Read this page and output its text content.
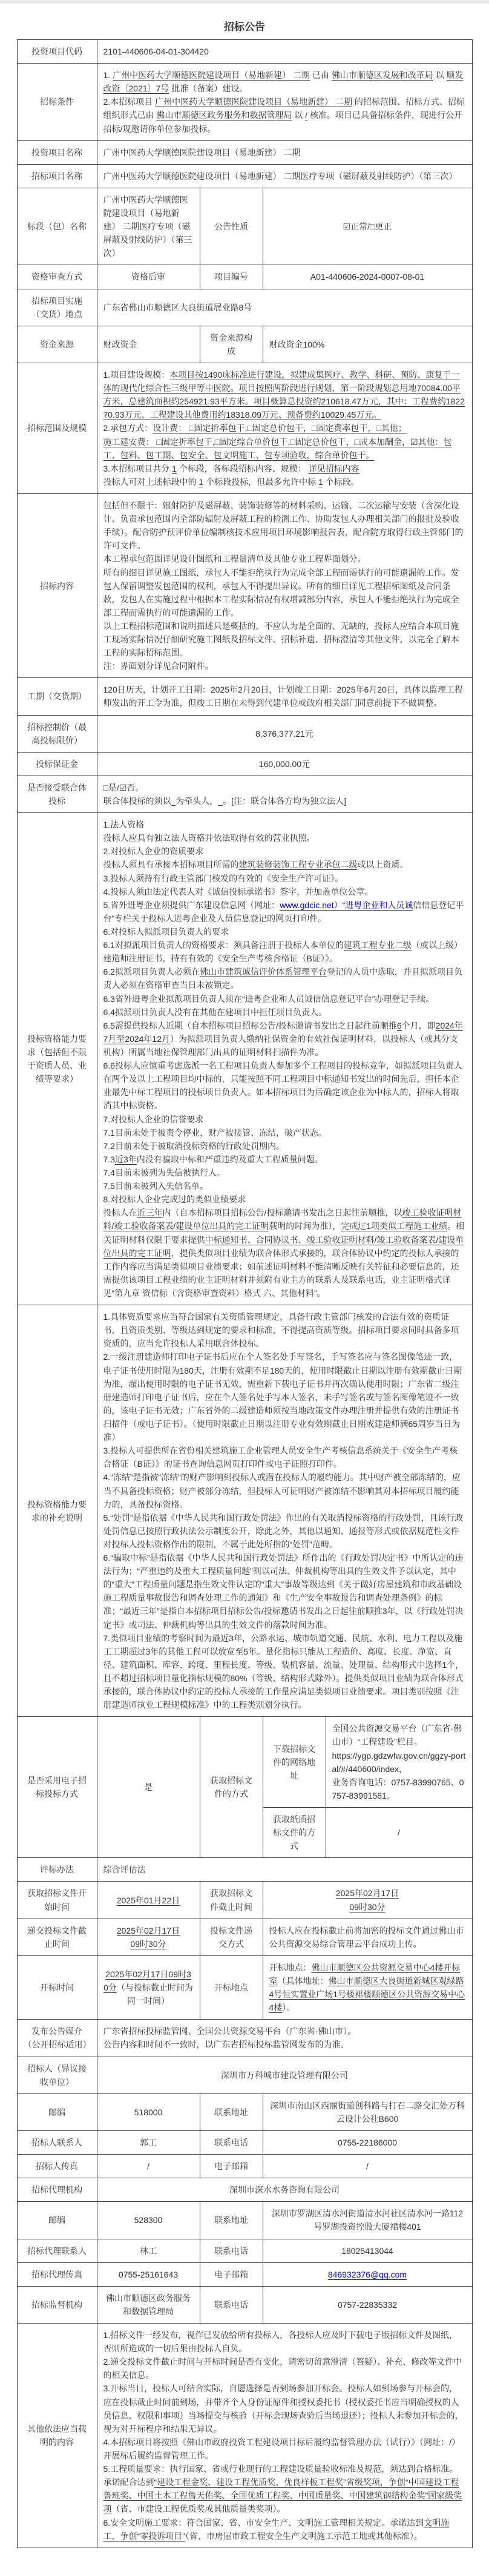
招标公告
投资项目代码	2101-440606-04-01-304420			

招标条件	1. 广州中医药大学顺德医院建设项目（易地新建） 二期 已由 佛山市顺德区发展和改革局 以 顺发改资〔2021〕7号 批准（备案）建设。
2.本招标项目 广州中医药大学顺德医院建设项目（易地新建） 二期 的招标范围、招标方式、招标组织形式已由 佛山市顺德区政务服务和数据管理局 以 / 核准。项目已具备招标条件，现进行公开招标/现邀请你单位参加投标。			

投资项目名称	广州中医药大学顺德医院建设项目（易地新建） 二期			

招标项目名称	广州中医药大学顺德医院建设项目（易地新建） 二期医疗专项（磁屏蔽及射线防护）（第三次）			

标段（包）名称	广州中医药大学顺德医院建设项目（易地新建） 二期医疗专项（磁屏蔽及射线防护）（第三次）	公告性质	☑正常/□更正	

资格审查方式	资格后审	项目编号	A01-440606-2024-0007-08-01	

招标项目实施（交货）地点	广东省佛山市顺德区大良街道展业路8号			

资金来源	财政资金	资金来源构成	财政资金100%	

招标范围及规模	1.项目建设规模：本项目按1490床标准进行建设，拟建成集医疗、教学、科研、预防、康复于一体的现代化综合性三级甲等中医院。项目按照两阶段进行规划，第一阶段规划总用地70084.00平方米，总建筑面积约254921.93平方米。项目概算总投资约210618.47万元，其中：工程费约182270.93万元、工程建设其他费用约18318.09万元、预备费约10029.45万元。
2.承包方式：设计费： □固定折率包干,□固定总价包干，□固定费率包干，□其他；
施工建安费： □固定折率包干,□固定综合单价包干,□固定总价包干，□成本加酬金，☑其他：包工、包料、包工期、包安全、包文明施工、包专项验收，综合单价包干。
3.本招标项目共分 1 个标段，各标段招标内容、规模： 详见招标内容
投标人可对上述标段中的 1 个标段投标，但最多允许中标 1 个标段。			

招标内容	包括但不限于：辐射防护及磁屏蔽、装饰装修等的材料采购、运输、二次运输与安装（含深化设计、负责承包范围内全部防辐射及屏蔽工程的检测工作、协助发包人办理相关部门的报批及验收手续）。配合防护预评价单位编制核技术应用项目环境影响报告表，配合院方取得行政主管部门的许可文件。
本工程承包范围详见设计图纸和工程量清单及其他专业工程界面划分。
所有的细目详见施工图纸，承包人不能拒绝执行为完成全部工程而需执行的可能遗漏的工作。发包人保留调整发包范围的权利，承包人不得提出异议。所有的细目详见工程招标图纸及合同条款，发包人在实施过程中根据本工程实际情况有权增减部分内容，承包人不能拒绝执行为完成全部工程而需执行的可能遗漏的工作。
以上工程招标范围和说明描述只是概括的，不应认为是全面的、无缺的，投标人应结合本项目施工现场实际情况仔细研究施工图纸及招标文件、招标补遗、招标澄清等其他文件，以完全了解本工程的实际招标范围。
注：界面划分详见合同附件。			

工期（交货期）	120日历天，计划开工日期：2025年2月20日，计划竣工日期：2025年6月20日，具体以监理工程师发出的开工令为准，但竣工日期在未得到代建单位或政府相关部门同意前提下不做调整。			

招标控制价（最高投标限价）	8,376,377.21元			

投标保证金	160,000.00元			

是否接受联合体投标	□是/☑否。
联合体投标的须以_为牵头人，_。[注：联合体各方均为独立法人]			

投标资格能力要求（包括但不限于资质人员、业绩等要求）	
1.法人资格
投标人应具有独立法人资格并依法取得有效的营业执照。
2.对投标人企业的资质要求
投标人须具有承接本招标项目所需的建筑装修装饰工程专业承包二级或以上资质。
3.投标人须持有行政主管部门核发的有效的《安全生产许可证》。
4.投标人须由法定代表人对《诚信投标承诺书》签字，并加盖单位公章。
5.省外进粤企业须提供广东建设信息网（网址：www.gdcic.net）“进粤企业和人员诚信信息登记平台”专栏关于投标人进粤企业及人员信息登记的网页打印件。
6.对投标人拟派项目负责人的要求
6.1对拟派项目负责人的资格要求：须具备注册于投标人本单位的建筑工程专业二级（或以上级）建造师注册证书，持有有效的《安全生产考核合格证（B证）》。
6.2拟派项目负责人必须在佛山市建筑诚信评价体系管理平台登记的人员中选取，并且拟派项目负责人必须在资格审查当日未被锁定。
6.3省外进粤企业拟派项目负责人须在“进粤企业和人员诚信信息登记平台”办理登记手续。
6.4拟派项目负责人没有在其他在建项目中担任项目负责人。
6.5需提供投标人近期（自本招标项目招标公告/投标邀请书发出之日起往前顺推6个月，即2024年7月至2024年12月）为拟派项目负责人缴纳社保资金的有效社保证明材料，以投标人（或其分支机构）所属当地社保管理部门出具的证明材料扫描件为准。
6.6投标人应慎重考虑选派一名工程项目负责人参加多个工程项目的投标竞争，如拟派项目负责人在两个及以上工程项目均中标的，只能按照不同工程项目中标通知书发出的时间先后，担任本企业最先中标工程项目的投标项目负责人。如本招标项目为后确定该企业为中标人的，招标人将取消其中标资格。
7.对投标人企业的信誉要求
7.1目前未处于被责令停业，财产被接管、冻结，破产状态。
7.2目前未处于被取消投标资格的行政处罚期内。
7.3近3年内没有骗取中标和严重违约及重大工程质量问题。
7.4目前未被列为失信被执行人。
7.5目前未被列入失信名单。
8.对投标人企业完成过的类似业绩要求
投标人在近三年内（自本招标项目招标公告/投标邀请书发出之日起往前顺推，以竣工验收证明材料/竣工验收备案表/建设单位出具的完工证明载明的时间为准），完成过1项类似工程施工业绩。相关证明材料仅限于要求提供中标通知书、合同协议书、竣工验收证明材料/竣工验收备案表/建设单位出具的完工证明，提供类似项目业绩为联合体形式承接的，联合体协议中约定的投标人承接的工作内容应当满足类似项目业绩要求；如前述证明材料不能清晰反映有关特征和必要信息的，还需提供该项目工程业绩的业主证明材料并须附有业主方的联系人及联系电话，业主证明格式详见“第九章 资信标（含资格审查资料）格式 六、其他材料”。

投标资格能力要求的补充说明	
1.具体资质要求应当符合国家有关资质管理规定，具备行政主管部门核发的合法有效的资质证书，且资质类别、等级达到规定的要求和标准，不得提高资质等级。招标项目要求同时具备多项资质的，应当允许投标人采用联合体投标。
2.一级注册建造师打印电子证书后应在个人签名处手写签名，手写签名应与签名图像笔迹一致，电子证书使用时限为180天，注册有效期不足180天的，使用时限截止日期以注册有效期截止日期为准，超出使用时限的电子证书无效，需重新下载电子证书并再次确认使用时限；广东省二级注册建造师打印电子证书后，应在个人签名处手写本人签名，未手写签名或与签名图像笔迹不一致的，该电子证书无效；广东省外的二级建造师须按当地政策文件办理注册并提供有效的注册证书扫描件（或电子证书）。（使用时限截止日期以注册专业有效期截止日期或建造师满65周岁当日为准）
3.投标人可提供所在省份相关建筑施工企业管理人员安全生产考核信息系统关于《安全生产考核合格证（B证）》的证书查询信息网页打印件或电子证照打印件。
4.“冻结”是指被“冻结”的财产影响到投标人或潜在投标人的履约能力。其中财产被全部冻结的，应当不具备投标资格；财产被部分冻结，但投标人可证明财产被冻结不影响其对本招标项目履约能力的，具备投标资格。
5.“处罚”是指依据《中华人民共和国行政处罚法》作出的有关取消投标资格的行政处罚，且该行政处罚信息已按照行政执法公示制度公开，除此之外，其他以通知、通报等形式或依据规范性文件对投标人投标资格作出的限制，不属于此处所指的“处罚”范畴。
6.“骗取中标”是指依据《中华人民共和国行政处罚法》所作出的《行政处罚决定书》中所认定的违法行为；“严重违约及重大工程质量问题”则以司法、仲裁机构等出具的生效文件予以认定，其中的“重大”工程质量问题是指生效文件认定的“重大”事故等级达到《关于做好房屋建筑和市政基础设施工程质量事故报告和调查处理工作的通知》和《生产安全事故报告和调查处理条例》的标准；“最近三年”是指自本招标项目招标公告/投标邀请书发出之日起往前顺推3年，以《行政处罚决定书》或司法、仲裁机构等出具的生效文件的落款时间为准。
7.类似项目业绩的考察时间为最近3年，公路水运、城市轨道交通、民航、水利、电力工程以及施工工期超过3年的其他工程可以放宽至5年。量化指标只能从工程造价、高度、长度、净宽、直径、建筑面积、库容、跨度、里程长度、等级、装机容量、流量、处理量、结构形式中选择1个，且不超过招标项目量化指标规模的80%（等级、结构形式除外）。提供类似项目业绩为联合体形式承接的，联合体协议中约定的投标人承接的工作量应满足类似项目业绩要求。项目类别按照《注册建造师执业工程规模标准》中的工程类别划分执行。

是否采用电子招标投标方式	是	获取招标文件的方式	下载招标文件的网络地址	全国公共资源交易平台（广东省·佛山市）“工程建设”栏目。
https://ygp.gdzwfw.gov.cn/ggzy-portal/#/440600/index，
业务咨询电话：0757-83990765、0757-83991581。

			获取纸质招标文件的方式	/

评标办法	综合评估法			

获取招标文件开始时间	2025年01月22日	获取招标文件截止时间	2025年02月17日
09时30分	

递交投标文件截止时间	2025年02月17日
09时30分	投标文件递交方式	投标人应在投标截止前将加密的投标文件通过佛山市公共资源交易综合管理云平台成功上传。	

开标时间	2025年02月17日09时30分（与投标截止时间为同一时间）	开标地点	开标地点：佛山市顺德区公共资源交易中心4楼开标室（具体地址：佛山市顺德区大良街道新城区观绿路4号恒实置业广场1号楼裙楼顺德区公共资源交易中心4楼）。	

发布公告媒介（公开招标适用）	广东省招标投标监管网、全国公共资源交易平台（广东省·佛山市）。
公告内容和时间不一致时，以广东省招标投标监管网发布的为准。			

招标人（异议接收单位）	深圳市万科城市建设管理有限公司			

邮编	518000	联系地址	深圳市南山区西丽街道创科路与打石二路交汇处万科云设计公社B600	

招标人联系人	郭工	联系电话	0755-22186000	

招标人传真	/	电子邮箱	/	

招标代理机构	深圳市深水水务咨询有限公司			

邮编	528300	联系地址	深圳市罗湖区清水河街道清水河社区清水河一路112号罗湖投资控股大厦裙楼401	

招标代理联系人	林工	联系电话	18025413044	

招标代理传真	0755-25161643	电子邮箱	846932376@qq.com	

招标监督机构	佛山市顺德区政务服务和数据管理局	联系电话	0757-22835332	

其他依法应当载明的内容	
1.招标文件一经发布，视作已发放给所有投标人，各投标人应及时下载电子版招标文件及图纸，否则所造成的一切后果由投标人自负。
2.递交投标文件截止时间与开标时间是否有变化，请密切留意澄清（答疑）、补充、修改等文件中的相关信息。
3.开标当日，投标人可结合实际，自愿选择是否到场参加开标会。投标人如到场参与开标会的，应在投标截止时间前到场，并带齐个人身份证原件和授权委托书（授权委托书应当明确授权的人员信息、权限和事项）当场提交与核验（开标会现场查验后当场退还）；投标人未参加开标会的，视为对开标程序和结果无异议。
4.本招标项目将按照《佛山市政府投资工程建设项目标后履约监督管理办法（试行）》（网址：/）开展标后履约监督管理工作。
5.工程质量要求：执行国家、省或行业现行的工程建设质量验收标准及规范，须达到合格标准。承诺配合达到“建设工程金奖、建设工程优质奖、优良样板工程奖”省级奖项，争创“中国建设工程鲁班奖、中国土木工程詹天佑奖、全国优质工程奖、中国质量奖、中国建筑钢结构金奖”国家级奖项（省、市建设工程优质奖或其他质量类奖项）。
6.安全文明施工要求：符合国家、省、市安全生产、文明施工管理相关规定。承诺达到文明施工，争创“零投诉项目”（省、市房屋市政工程安全生产文明施工示范工地或其他标准）。
